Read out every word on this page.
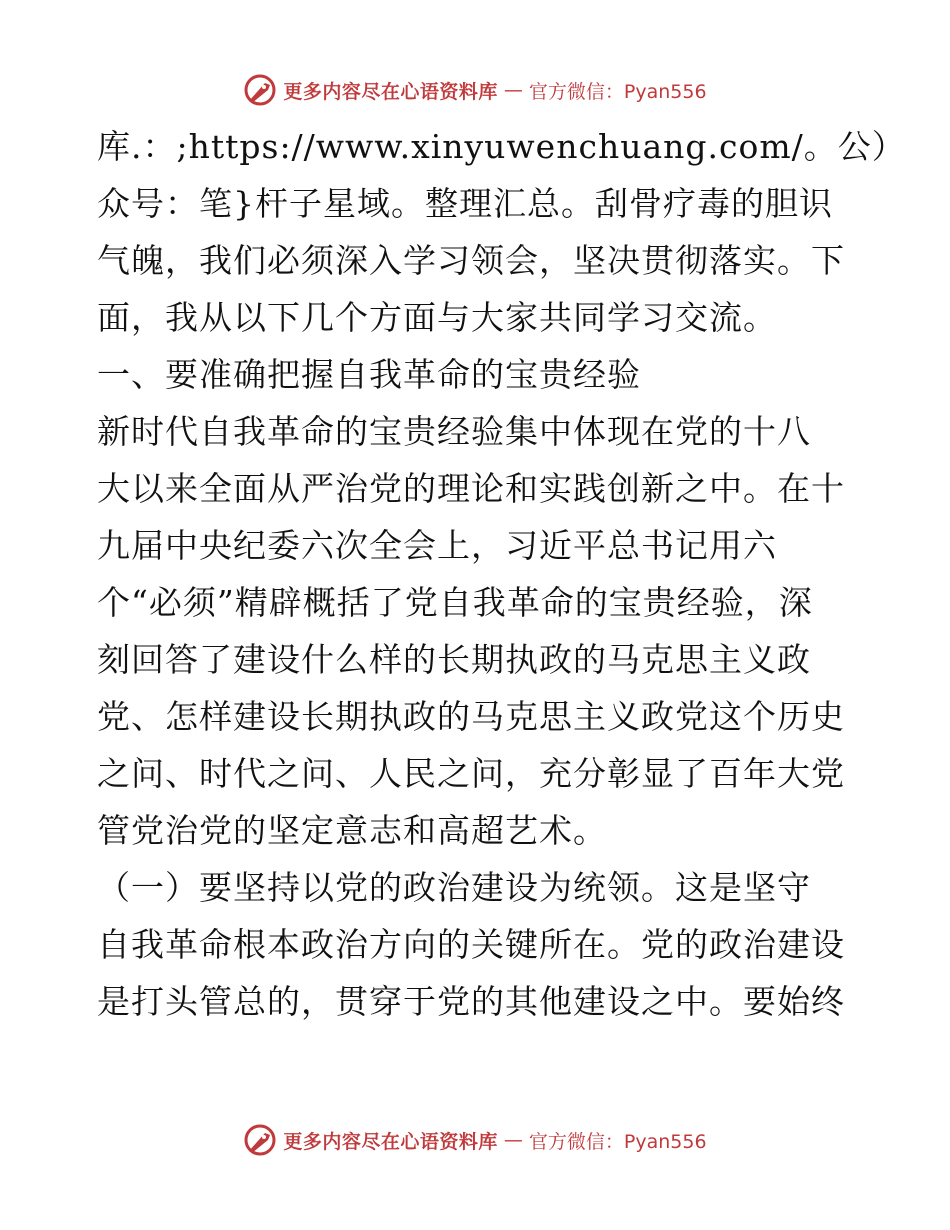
更多内容尽在心语资料库 — 官方微信：Pyan556
库.：;https://www.xinyuwenchuang.com/。公）
众号：笔}杆子星域。整理汇总。刮骨疗毒的胆识
气魄，我们必须深入学习领会，坚决贯彻落实。下
面，我从以下几个方面与大家共同学习交流。
一、要准确把握自我革命的宝贵经验
新时代自我革命的宝贵经验集中体现在党的十八
大以来全面从严治党的理论和实践创新之中。在十
九届中央纪委六次全会上，习近平总书记用六
个“必须”精辟概括了党自我革命的宝贵经验，深
刻回答了建设什么样的长期执政的马克思主义政
党、怎样建设长期执政的马克思主义政党这个历史
之问、时代之问、人民之问，充分彰显了百年大党
管党治党的坚定意志和高超艺术。
（一）要坚持以党的政治建设为统领。这是坚守
自我革命根本政治方向的关键所在。党的政治建设
是打头管总的，贯穿于党的其他建设之中。要始终
更多内容尽在心语资料库 — 官方微信：Pyan556
